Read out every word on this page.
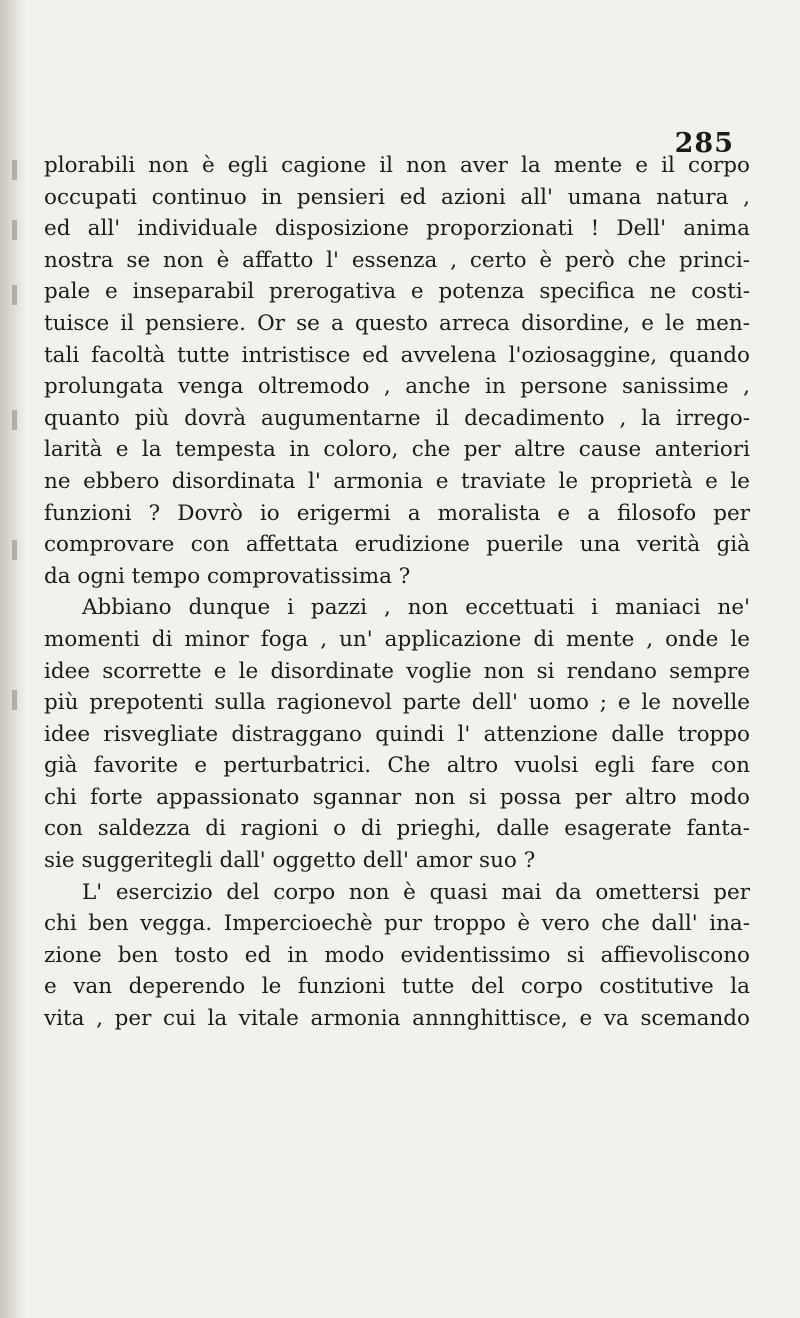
285
plorabili non è egli cagione il non aver la mente e il corpo
occupati continuo in pensieri ed azioni all' umana natura ,
ed all' individuale disposizione proporzionati ! Dell' anima
nostra se non è affatto l' essenza , certo è però che princi-
pale e inseparabil prerogativa e potenza specifica ne costi-
tuisce il pensiere. Or se a questo arreca disordine, e le men-
tali facoltà tutte intristisce ed avvelena l'oziosaggine, quando
prolungata venga oltremodo , anche in persone sanissime ,
quanto più dovrà augumentarne il decadimento , la irrego-
larità e la tempesta in coloro, che per altre cause anteriori
ne ebbero disordinata l' armonia e traviate le proprietà e le
funzioni ? Dovrò io erigermi a moralista e a filosofo per
comprovare con affettata erudizione puerile una verità già
da ogni tempo comprovatissima ?
Abbiano dunque i pazzi , non eccettuati i maniaci ne'
momenti di minor foga , un' applicazione di mente , onde le
idee scorrette e le disordinate voglie non si rendano sempre
più prepotenti sulla ragionevol parte dell' uomo ; e le novelle
idee risvegliate distraggano quindi l' attenzione dalle troppo
già favorite e perturbatrici. Che altro vuolsi egli fare con
chi forte appassionato sgannar non si possa per altro modo
con saldezza di ragioni o di prieghi, dalle esagerate fanta-
sie suggeritegli dall' oggetto dell' amor suo ?
L' esercizio del corpo non è quasi mai da omettersi per
chi ben vegga. Impercioechè pur troppo è vero che dall' ina-
zione ben tosto ed in modo evidentissimo si affievoliscono
e van deperendo le funzioni tutte del corpo costitutive la
vita , per cui la vitale armonia annnghittisce, e va scemando
